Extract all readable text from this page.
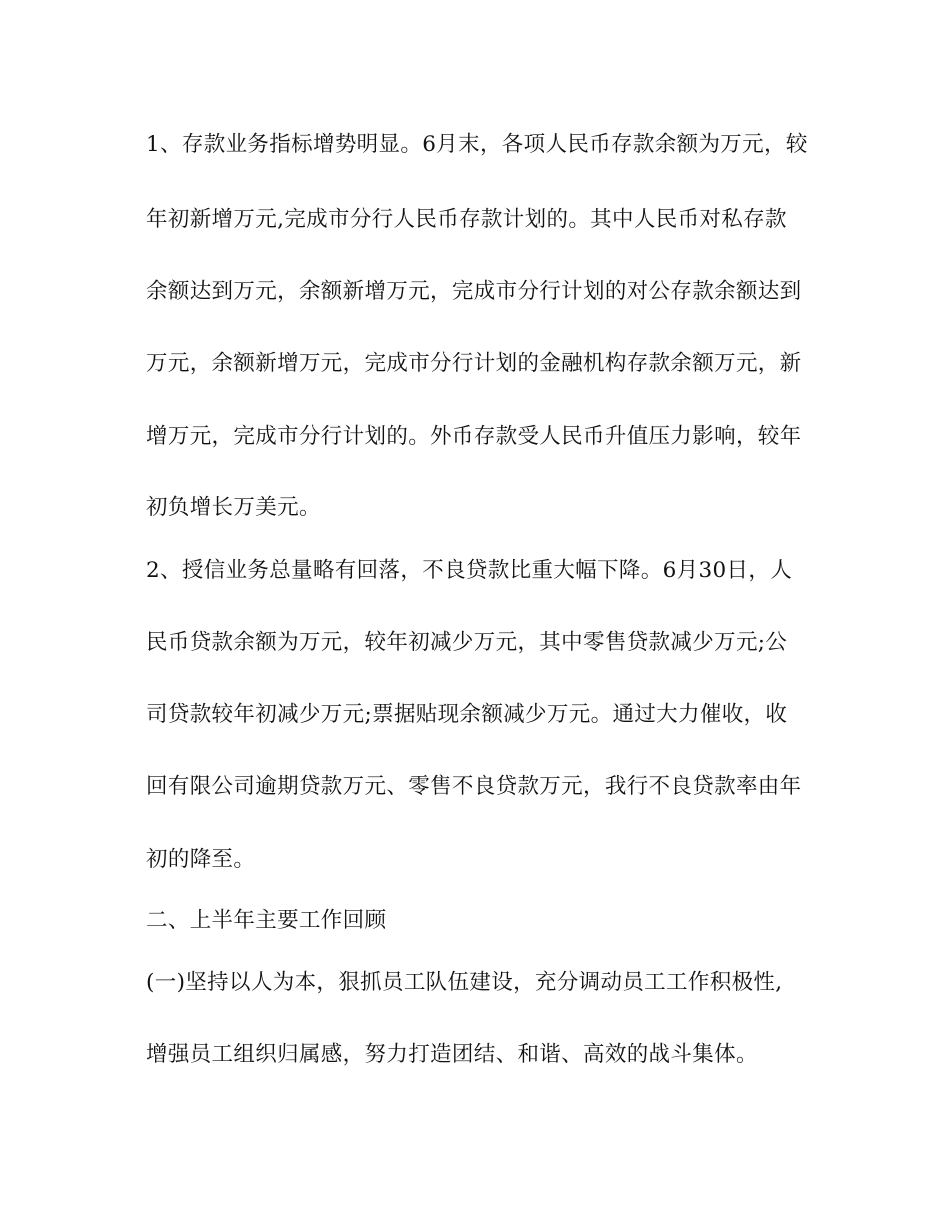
1、存款业务指标增势明显。6月末，各项人民币存款余额为万元，较

年初新增万元,完成市分行人民币存款计划的。其中人民币对私存款

余额达到万元，余额新增万元，完成市分行计划的对公存款余额达到

万元，余额新增万元，完成市分行计划的金融机构存款余额万元，新

增万元，完成市分行计划的。外币存款受人民币升值压力影响，较年

初负增长万美元。

2、授信业务总量略有回落，不良贷款比重大幅下降。6月30日，人

民币贷款余额为万元，较年初减少万元，其中零售贷款减少万元;公

司贷款较年初减少万元;票据贴现余额减少万元。通过大力催收，收

回有限公司逾期贷款万元、零售不良贷款万元，我行不良贷款率由年

初的降至。

二、上半年主要工作回顾

(一)坚持以人为本，狠抓员工队伍建设，充分调动员工工作积极性,

增强员工组织归属感，努力打造团结、和谐、高效的战斗集体。
